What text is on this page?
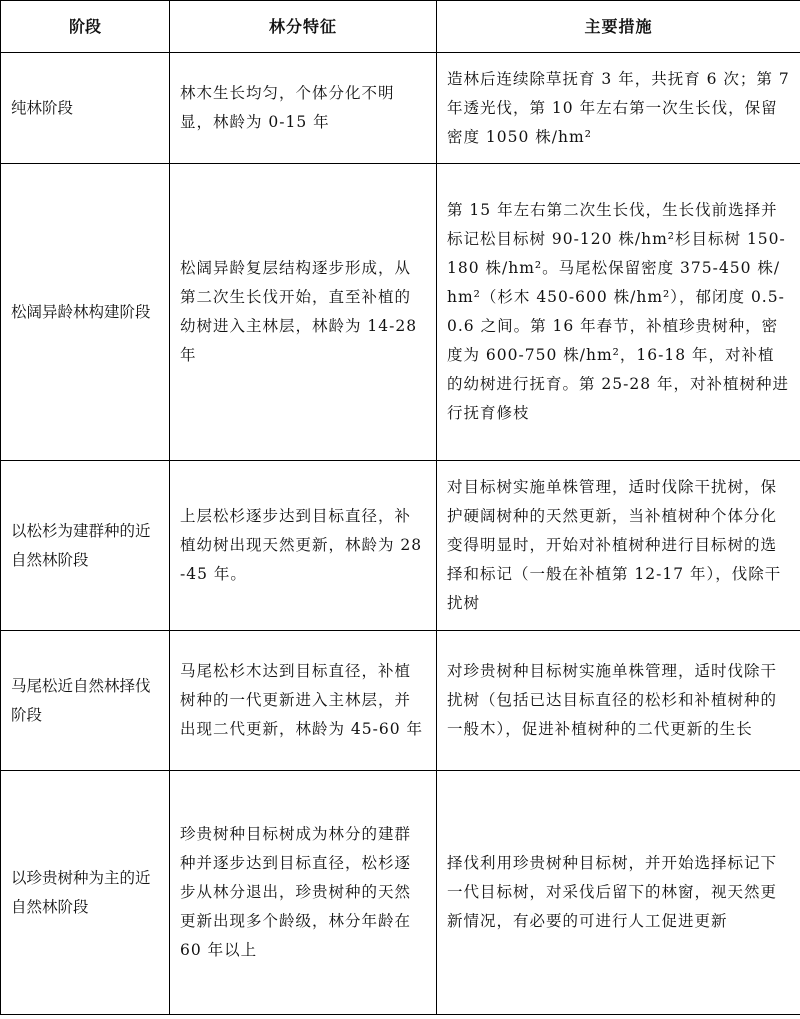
阶段	林分特征	主要措施
纯林阶段	林木生长均匀，个体分化不明显，林龄为 0-15 年	造林后连续除草抚育 3 年，共抚育 6 次；第 7 年透光伐，第 10 年左右第一次生长伐，保留密度 1050 株/hm²
松阔异龄林构建阶段	松阔异龄复层结构逐步形成，从第二次生长伐开始，直至补植的幼树进入主林层，林龄为 14-28 年	第 15 年左右第二次生长伐，生长伐前选择并标记松目标树 90-120 株/hm²杉目标树 150-180 株/hm²。马尾松保留密度 375-450 株/hm²（杉木 450-600 株/hm²），郁闭度 0.5-0.6 之间。第 16 年春节，补植珍贵树种，密度为 600-750 株/hm²，16-18 年，对补植的幼树进行抚育。第 25-28 年，对补植树种进行抚育修枝
以松杉为建群种的近自然林阶段	上层松杉逐步达到目标直径，补植幼树出现天然更新，林龄为 28-45 年。	对目标树实施单株管理，适时伐除干扰树，保护硬阔树种的天然更新，当补植树种个体分化变得明显时，开始对补植树种进行目标树的选择和标记（一般在补植第 12-17 年），伐除干扰树
马尾松近自然林择伐阶段	马尾松杉木达到目标直径，补植树种的一代更新进入主林层，并出现二代更新，林龄为 45-60 年	对珍贵树种目标树实施单株管理，适时伐除干扰树（包括已达目标直径的松杉和补植树种的一般木），促进补植树种的二代更新的生长
以珍贵树种为主的近自然林阶段	珍贵树种目标树成为林分的建群种并逐步达到目标直径，松杉逐步从林分退出，珍贵树种的天然更新出现多个龄级，林分年龄在 60 年以上	择伐利用珍贵树种目标树，并开始选择标记下一代目标树，对采伐后留下的林窗，视天然更新情况，有必要的可进行人工促进更新
